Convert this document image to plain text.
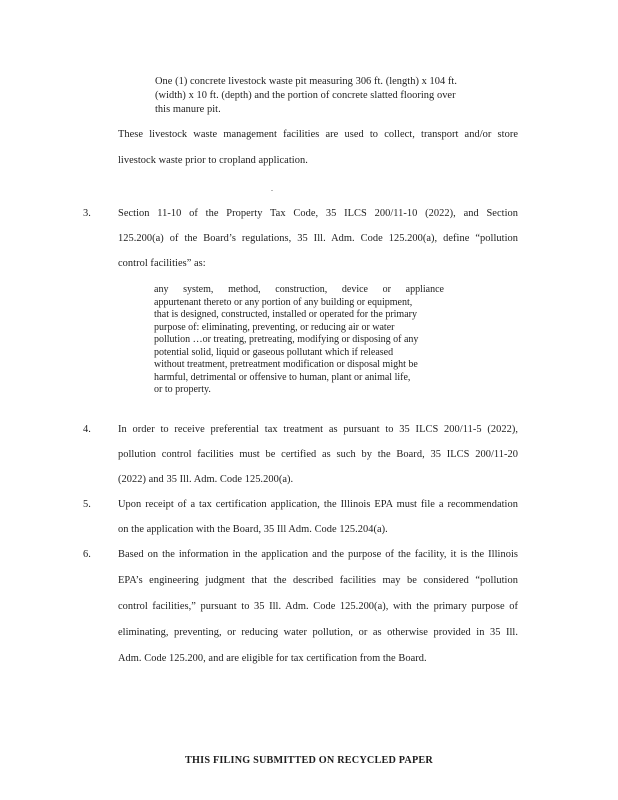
One (1) concrete livestock waste pit measuring 306 ft. (length) x 104 ft.
(width) x 10 ft. (depth) and the portion of concrete slatted flooring over
this manure pit.
These livestock waste management facilities are used to collect, transport and/or store
livestock waste prior to cropland application.
3.	Section 11-10 of the Property Tax Code, 35 ILCS 200/11-10 (2022), and Section
125.200(a) of the Board’s regulations, 35 Ill. Adm. Code 125.200(a), define “pollution
control facilities” as:
any system, method, construction, device or appliance
appurtenant thereto or any portion of any building or equipment,
that is designed, constructed, installed or operated for the primary
purpose of: eliminating, preventing, or reducing air or water
pollution …or treating, pretreating, modifying or disposing of any
potential solid, liquid or gaseous pollutant which if released
without treatment, pretreatment modification or disposal might be
harmful, detrimental or offensive to human, plant or animal life,
or to property.
4.	In order to receive preferential tax treatment as pursuant to 35 ILCS 200/11-5 (2022),
pollution control facilities must be certified as such by the Board, 35 ILCS 200/11-20
(2022) and 35 Ill. Adm. Code 125.200(a).
5.	Upon receipt of a tax certification application, the Illinois EPA must file a recommendation
on the application with the Board, 35 Ill Adm. Code 125.204(a).
6.	Based on the information in the application and the purpose of the facility, it is the Illinois
EPA’s engineering judgment that the described facilities may be considered “pollution
control facilities,” pursuant to 35 Ill. Adm. Code 125.200(a), with the primary purpose of
eliminating, preventing, or reducing water pollution, or as otherwise provided in 35 Ill.
Adm. Code 125.200, and are eligible for tax certification from the Board.
THIS FILING SUBMITTED ON RECYCLED PAPER
